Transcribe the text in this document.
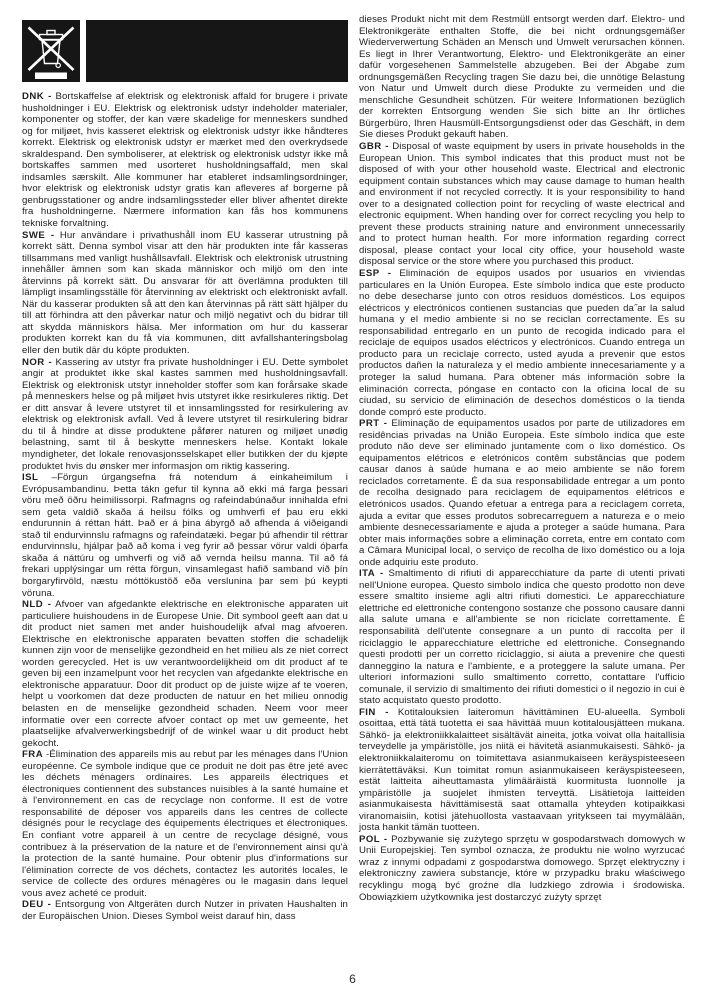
DNK - Bortskaffelse af elektrisk og elektronisk affald for brugere i private husholdninger i EU. Elektrisk og elektronisk udstyr indeholder materialer, komponenter og stoffer, der kan være skadelige for menneskers sundhed og for miljøet, hvis kasseret elektrisk og elektronisk udstyr ikke håndteres korrekt. Elektrisk og elektronisk udstyr er mærket med den overkrydsede skraldespand. Den symboliserer, at elektrisk og elektronisk udstyr ikke må bortskaffes sammen med usorteret husholdningsaffald, men skal indsamles særskilt. Alle kommuner har etableret indsamlingsordninger, hvor elektrisk og elektronisk udstyr gratis kan afleveres af borgerne på genbrugsstationer og andre indsamlingssteder eller bliver afhentet direkte fra husholdningerne. Nærmere information kan fås hos kommunens tekniske forvaltning.

SWE - Hur användare i privathushåll inom EU kasserar utrustning på korrekt sätt. Denna symbol visar att den här produkten inte får kasseras tillsammans med vanligt hushållsavfall. Elektrisk och elektronisk utrustning innehåller ämnen som kan skada människor och miljö om den inte återvinns på korrekt sätt. Du ansvarar för att överlämna produkten till lämpligt insamlingsställe för återvinning av elektriskt och elektroniskt avfall. När du kasserar produkten så att den kan återvinnas på rätt sätt hjälper du till att förhindra att den påverkar natur och miljö negativt och du bidrar till att skydda människors hälsa. Mer information om hur du kasserar produkten korrekt kan du få via kommunen, ditt avfallshanteringsbolag eller den butik där du köpte produkten.

NOR - Kassering av utstyr fra private husholdninger i EU. Dette symbolet angir at produktet ikke skal kastes sammen med husholdningsavfall. Elektrisk og elektronisk utstyr inneholder stoffer som kan forårsake skade på menneskers helse og på miljøet hvis utstyret ikke resirkuleres riktig. Det er ditt ansvar å levere utstyret til et innsamlingssted for resirkulering av elektrisk og elektronisk avfall. Ved å levere utstyret til resirkulering bidrar du til å hindre at disse produktene påfører naturen og miljøet unødig belastning, samt til å beskytte menneskers helse. Kontakt lokale myndigheter, det lokale renovasjonsselskapet eller butikken der du kjøpte produktet hvis du ønsker mer informasjon om riktig kassering.

ISL –Förgun úrgangsefna frá notendum á einkaheimilum i Evrópusambandinu. Þetta tákn gefur til kynna að ekki má farga þessari vöru með öðru heimilissorpi. Rafmagns og rafeindabúnaður innihalda efni sem geta valdið skaða á heilsu fólks og umhverfi ef þau eru ekki endurunnin á réttan hátt. Það er á þina ábyrgð að afhenda á viðeigandi stað til endurvinnslu rafmagns og rafeindatæki. Þegar þú afhendir til réttrar endurvinnslu, hjálpar það að koma i veg fyrir að þessar vörur valdi óþarfa skaða á náttúru og umhverfi og við að vernda heilsu manna. Til að fá frekari upplýsingar um rétta förgun, vinsamlegast hafið samband við þín borgaryfirvöld, næstu móttökustöð eða verslunina þar sem þú keypti vöruna.

NLD - Afvoer van afgedankte elektrische en elektronische apparaten uit particuliere huishoudens in de Europese Unie. Dit symbool geeft aan dat u dit product niet samen met ander huishoudelijk afval mag afvoeren. Elektrische en elektronische apparaten bevatten stoffen die schadelijk kunnen zijn voor de menselijke gezondheid en het milieu als ze niet correct worden gerecycled. Het is uw verantwoordelijkheid om dit product af te geven bij een inzamelpunt voor het recyclen van afgedankte elektrische en elektronische apparatuur. Door dit product op de juiste wijze af te voeren, helpt u voorkomen dat deze producten de natuur en het milieu onnodig belasten en de menselijke gezondheid schaden. Neem voor meer informatie over een correcte afvoer contact op met uw gemeente, het plaatselijke afvalverwerkingsbedrijf of de winkel waar u dit product hebt gekocht.

FRA -Élimination des appareils mis au rebut par les ménages dans l'Union européenne. Ce symbole indique que ce produit ne doit pas être jeté avec les déchets ménagers ordinaires. Les appareils électriques et électroniques contiennent des substances nuisibles à la santé humaine et à l'environnement en cas de recyclage non conforme. Il est de votre responsabilité de déposer vos appareils dans les centres de collecte désignés pour le recyclage des équipements électriques et électroniques. En confiant votre appareil à un centre de recyclage désigné, vous contribuez à la préservation de la nature et de l'environnement ainsi qu'à la protection de la santé humaine. Pour obtenir plus d'informations sur l'élimination correcte de vos déchets, contactez les autorités locales, le service de collecte des ordures ménagères ou le magasin dans lequel vous avez acheté ce produit.

DEU - Entsorgung von Altgeräten durch Nutzer in privaten Haushalten in der Europäischen Union. Dieses Symbol weist darauf hin, dass

dieses Produkt nicht mit dem Restmüll entsorgt werden darf. Elektro- und Elektronikgeräte enthalten Stoffe, die bei nicht ordnungsgemäßer Wiederverwertung Schäden an Mensch und Umwelt verursachen können. Es liegt in Ihrer Verantwortung, Elektro- und Elektronikgeräte an einer dafür vorgesehenen Sammelstelle abzugeben. Bei der Abgabe zum ordnungsgemäßen Recycling tragen Sie dazu bei, die unnötige Belastung von Natur und Umwelt durch diese Produkte zu vermeiden und die menschliche Gesundheit schützen. Für weitere Informationen bezüglich der korrekten Entsorgung wenden Sie sich bitte an Ihr örtliches Bürgerbüro, Ihren Hausmüll-Entsorgungsdienst oder das Geschäft, in dem Sie dieses Produkt gekauft haben.

GBR - Disposal of waste equipment by users in private households in the European Union. This symbol indicates that this product must not be disposed of with your other household waste. Electrical and electronic equipment contain substances which may cause damage to human health and environment if not recycled correctly. It is your responsibility to hand over to a designated collection point for recycling of waste electrical and electronic equipment. When handing over for correct recycling you help to prevent these products straining nature and environment unnecessarily and to protect human health. For more information regarding correct disposal, please contact your local city office, your household waste disposal service or the store where you purchased this product.

ESP - Eliminación de equipos usados por usuarios en viviendas particulares en la Unión Europea. Este símbolo indica que este producto no debe desecharse junto con otros residuos domésticos. Los equipos eléctricos y electrónicos contienen sustancias que pueden da˝ar la salud humana y el medio ambiente si no se reciclan correctamente. Es su responsabilidad entregarlo en un punto de recogida indicado para el reciclaje de equipos usados eléctricos y electrónicos. Cuando entrega un producto para un reciclaje correcto, usted ayuda a prevenir que estos productos dañen la naturaleza y el medio ambiente innecesariamente y a proteger la salud humana. Para obtener más información sobre la eliminación correcta, póngase en contacto con la oficina local de su ciudad, su servicio de eliminación de desechos domésticos o la tienda donde compró este producto.

PRT - Eliminação de equipamentos usados por parte de utilizadores em residências privadas na União Europeia. Este símbolo indica que este produto não deve ser eliminado juntamente com o lixo doméstico. Os equipamentos elétricos e eletrónicos contêm substâncias que podem causar danos à saúde humana e ao meio ambiente se não forem reciclados corretamente. É da sua responsabilidade entregar a um ponto de recolha designado para reciclagem de equipamentos elétricos e eletrónicos usados. Quando efetuar a entrega para a reciclagem correta, ajuda a evitar que esses produtos sobrecarreguem a natureza e o meio ambiente desnecessariamente e ajuda a proteger a saúde humana. Para obter mais informações sobre a eliminação correta, entre em contato com a Câmara Municipal local, o serviço de recolha de lixo doméstico ou a loja onde adquiriu este produto.

ITA - Smaltimento di rifiuti di apparecchiature da parte di utenti privati nell'Unione europea. Questo simbolo indica che questo prodotto non deve essere smaltito insieme agli altri rifiuti domestici. Le apparecchiature elettriche ed elettroniche contengono sostanze che possono causare danni alla salute umana e all'ambiente se non riciclate correttamente. È responsabilità dell'utente consegnare a un punto di raccolta per il riciclaggio le apparecchiature elettriche ed elettroniche. Consegnando questi prodotti per un corretto riciclaggio, si aiuta a prevenire che questi danneggino la natura e l'ambiente, e a proteggere la salute umana. Per ulteriori informazioni sullo smaltimento corretto, contattare l'ufficio comunale, il servizio di smaltimento dei rifiuti domestici o il negozio in cui è stato acquistato questo prodotto.

FIN - Kotitalouksien laiteromun hävittäminen EU-alueella. Symboli osoittaa, että tätä tuotetta ei saa hävittää muun kotitalousjätteen mukana. Sähkö- ja elektroniikkalaitteet sisältävät aineita, jotka voivat olla haitallisia terveydelle ja ympäristölle, jos niitä ei hävitetä asianmukaisesti. Sähkö- ja elektroniikkalaiteromu on toimitettava asianmukaiseen keräyspisteeseen kierrätettäväksi. Kun toimitat romun asianmukaiseen keräyspisteeseen, estät laitteita aiheuttamasta ylimääräistä kuormitusta luonnolle ja ympäristölle ja suojelet ihmisten terveyttä. Lisätietoja laitteiden asianmukaisesta hävittämisestä saat ottamalla yhteyden kotipaikkasi viranomaisiin, kotisi jätehuollosta vastaavaan yritykseen tai myymälään, josta hankit tämän tuotteen.

POL - Pozbywanie się zużytego sprzętu w gospodarstwach domowych w Unii Europejskiej. Ten symbol oznacza, że produktu nie wolno wyrzucać wraz z innymi odpadami z gospodarstwa domowego. Sprzęt elektryczny i elektroniczny zawiera substancje, które w przypadku braku właściwego recyklingu mogą być groźne dla ludzkiego zdrowia i środowiska. Obowiązkiem użytkownika jest dostarczyć zużyty sprzęt

6
